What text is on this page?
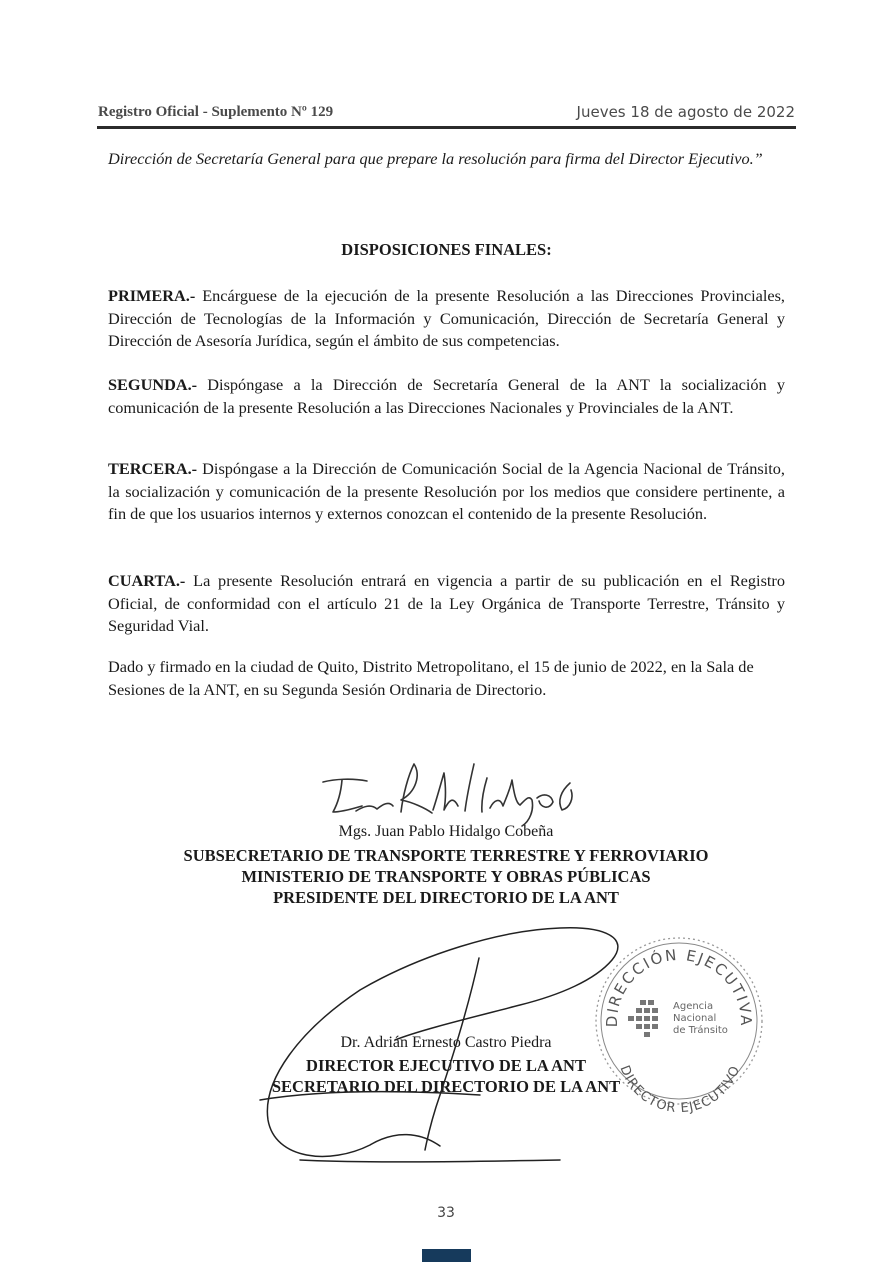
Registro Oficial - Suplemento Nº 129	Jueves 18 de agosto de 2022
Dirección de Secretaría General para que prepare la resolución para firma del Director Ejecutivo.”
DISPOSICIONES FINALES:
PRIMERA.- Encárguese de la ejecución de la presente Resolución a las Direcciones Provinciales, Dirección de Tecnologías de la Información y Comunicación, Dirección de Secretaría General y Dirección de Asesoría Jurídica, según el ámbito de sus competencias.
SEGUNDA.- Dispóngase a la Dirección de Secretaría General de la ANT la socialización y comunicación de la presente Resolución a las Direcciones Nacionales y Provinciales de la ANT.
TERCERA.- Dispóngase a la Dirección de Comunicación Social de la Agencia Nacional de Tránsito, la socialización y comunicación de la presente Resolución por los medios que considere pertinente, a fin de que los usuarios internos y externos conozcan el contenido de la presente Resolución.
CUARTA.- La presente Resolución entrará en vigencia a partir de su publicación en el Registro Oficial, de conformidad con el artículo 21 de la Ley Orgánica de Transporte Terrestre, Tránsito y Seguridad Vial.
Dado y firmado en la ciudad de Quito, Distrito Metropolitano, el 15 de junio de 2022, en la Sala de Sesiones de la ANT, en su Segunda Sesión Ordinaria de Directorio.
Mgs. Juan Pablo Hidalgo Cobeña
SUBSECRETARIO DE TRANSPORTE TERRESTRE Y FERROVIARIO
MINISTERIO DE TRANSPORTE Y OBRAS PÚBLICAS
PRESIDENTE DEL DIRECTORIO DE LA ANT
DIRECCIÓN EJECUTIVA
DIRECTOR EJECUTIVO
Agencia
Nacional
de Tránsito
Dr. Adrián Ernesto Castro Piedra
DIRECTOR EJECUTIVO DE LA ANT
SECRETARIO DEL DIRECTORIO DE LA ANT
33
